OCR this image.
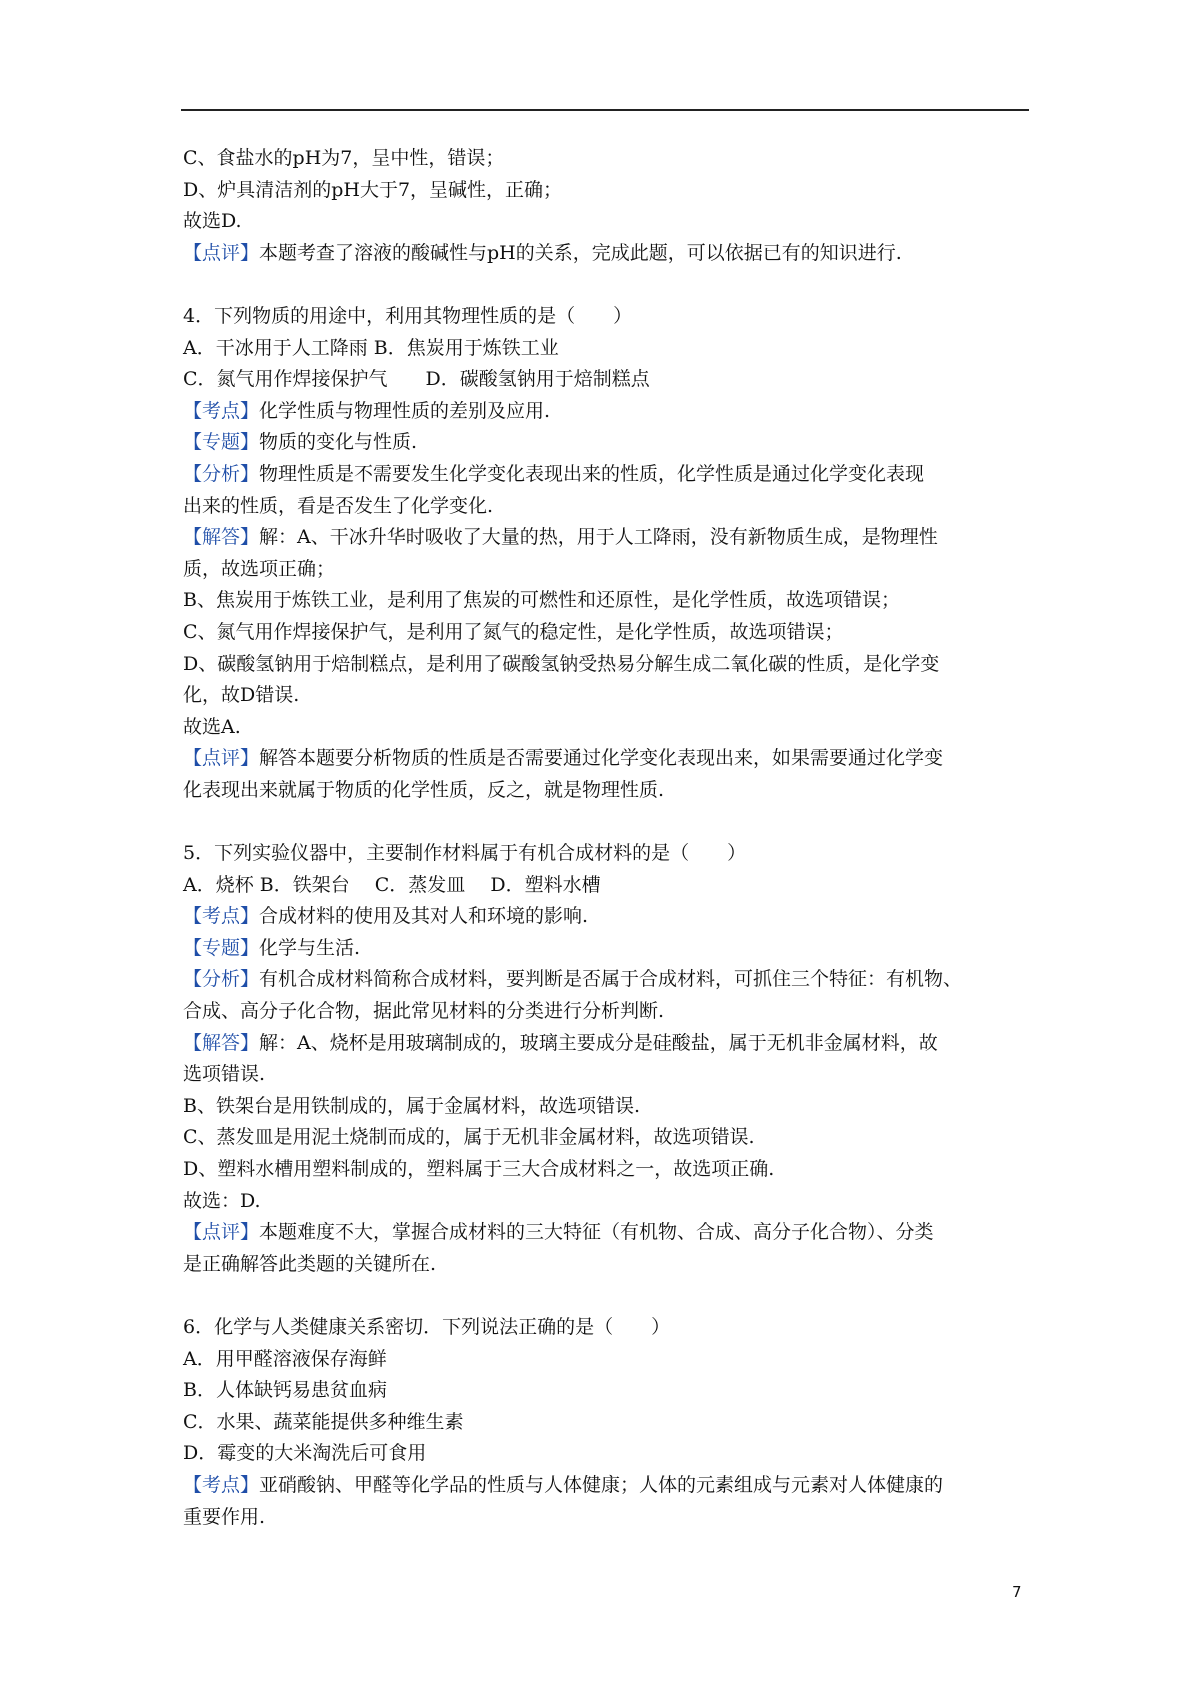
C、食盐水的pH为7，呈中性，错误；
D、炉具清洁剂的pH大于7，呈碱性，正确；
故选D.
【点评】本题考查了溶液的酸碱性与pH的关系，完成此题，可以依据已有的知识进行.
4．下列物质的用途中，利用其物理性质的是（　　）
A．干冰用于人工降雨 B．焦炭用于炼铁工业
C．氮气用作焊接保护气　　D．碳酸氢钠用于焙制糕点
【考点】化学性质与物理性质的差别及应用.
【专题】物质的变化与性质.
【分析】物理性质是不需要发生化学变化表现出来的性质，化学性质是通过化学变化表现
出来的性质，看是否发生了化学变化.
【解答】解：A、干冰升华时吸收了大量的热，用于人工降雨，没有新物质生成，是物理性
质，故选项正确；
B、焦炭用于炼铁工业，是利用了焦炭的可燃性和还原性，是化学性质，故选项错误；
C、氮气用作焊接保护气，是利用了氮气的稳定性，是化学性质，故选项错误；
D、碳酸氢钠用于焙制糕点，是利用了碳酸氢钠受热易分解生成二氧化碳的性质，是化学变
化，故D错误.
故选A.
【点评】解答本题要分析物质的性质是否需要通过化学变化表现出来，如果需要通过化学变
化表现出来就属于物质的化学性质，反之，就是物理性质.
5．下列实验仪器中，主要制作材料属于有机合成材料的是（　　）
A．烧杯 B．铁架台　 C．蒸发皿　 D．塑料水槽
【考点】合成材料的使用及其对人和环境的影响.
【专题】化学与生活.
【分析】有机合成材料简称合成材料，要判断是否属于合成材料，可抓住三个特征：有机物、
合成、高分子化合物，据此常见材料的分类进行分析判断.
【解答】解：A、烧杯是用玻璃制成的，玻璃主要成分是硅酸盐，属于无机非金属材料，故
选项错误.
B、铁架台是用铁制成的，属于金属材料，故选项错误.
C、蒸发皿是用泥土烧制而成的，属于无机非金属材料，故选项错误.
D、塑料水槽用塑料制成的，塑料属于三大合成材料之一，故选项正确.
故选：D.
【点评】本题难度不大，掌握合成材料的三大特征（有机物、合成、高分子化合物）、分类
是正确解答此类题的关键所在.
6．化学与人类健康关系密切．下列说法正确的是（　　）
A．用甲醛溶液保存海鲜
B．人体缺钙易患贫血病
C．水果、蔬菜能提供多种维生素
D．霉变的大米淘洗后可食用
【考点】亚硝酸钠、甲醛等化学品的性质与人体健康；人体的元素组成与元素对人体健康的
重要作用.
7
